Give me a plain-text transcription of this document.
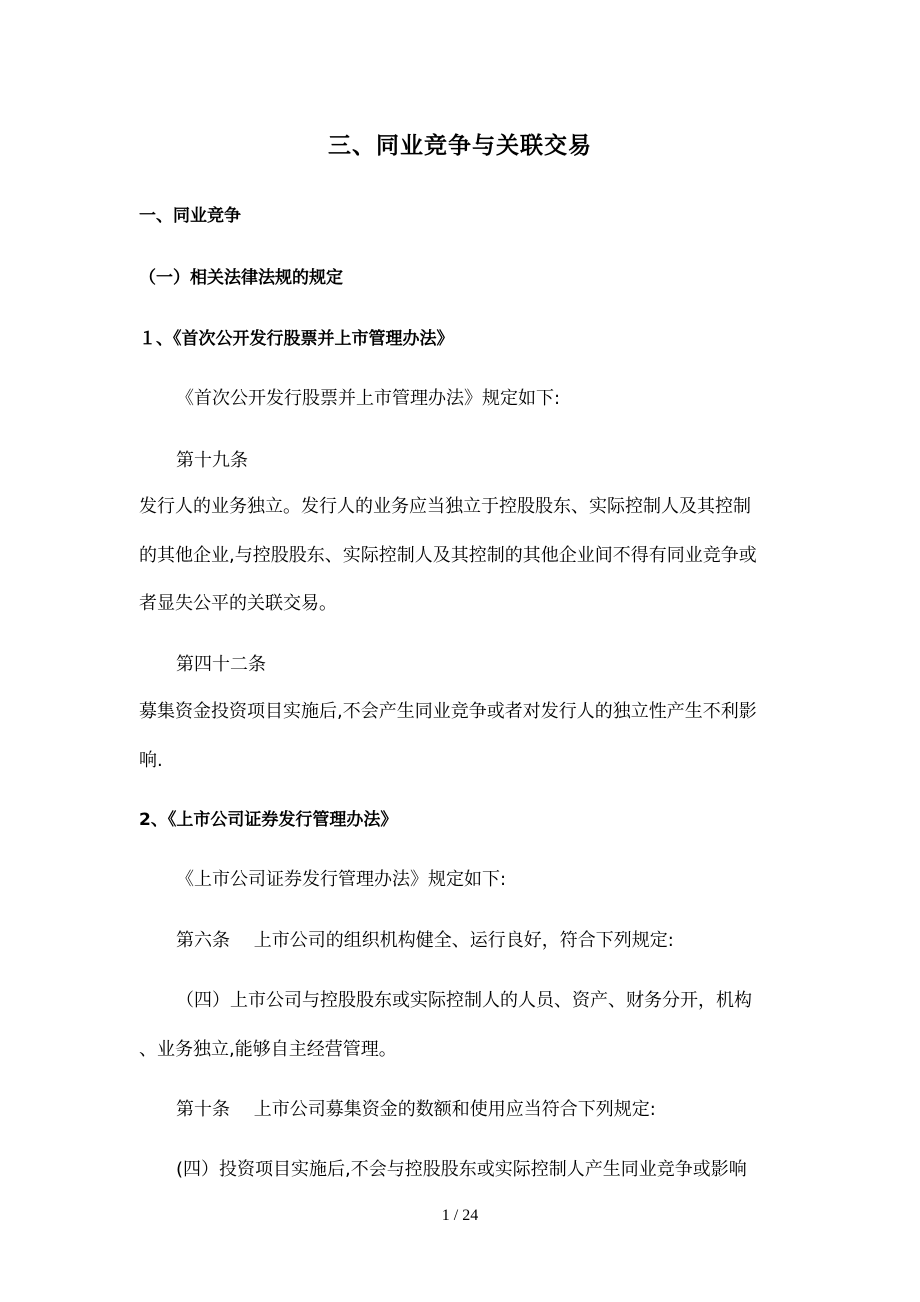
三、同业竞争与关联交易
一、同业竞争
（一）相关法律法规的规定
１、《首次公开发行股票并上市管理办法》
《首次公开发行股票并上市管理办法》规定如下:
第十九条
发行人的业务独立。发行人的业务应当独立于控股股东、实际控制人及其控制
的其他企业,与控股股东、实际控制人及其控制的其他企业间不得有同业竞争或
者显失公平的关联交易。
第四十二条
募集资金投资项目实施后,不会产生同业竞争或者对发行人的独立性产生不利影
响.
2、《上市公司证券发行管理办法》
《上市公司证券发行管理办法》规定如下:
第六条　 上市公司的组织机构健全、运行良好，符合下列规定:
（四）上市公司与控股股东或实际控制人的人员、资产、财务分开，机构
、业务独立,能够自主经营管理。
第十条　 上市公司募集资金的数额和使用应当符合下列规定:
(四）投资项目实施后,不会与控股股东或实际控制人产生同业竞争或影响
1 / 24
